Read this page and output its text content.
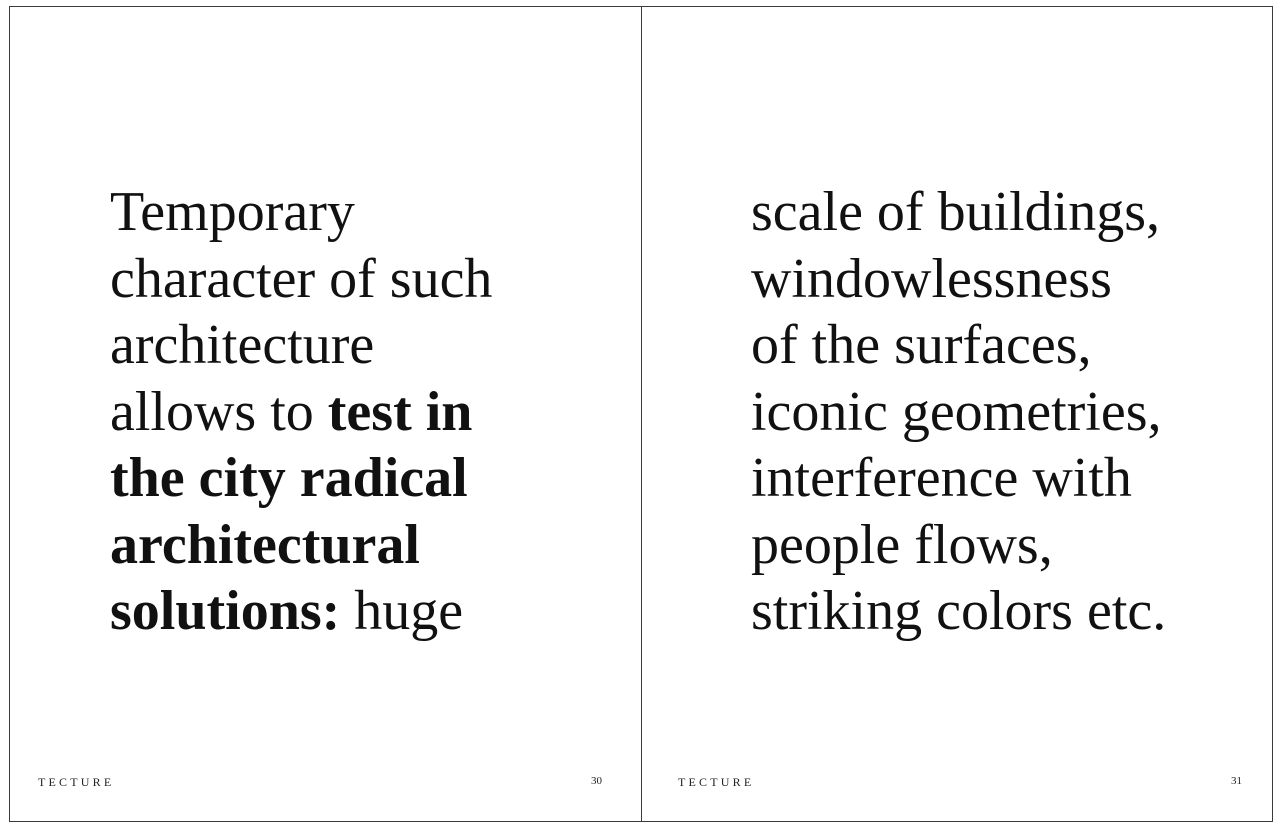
Temporary
character of such
architecture
allows to test in
the city radical
architectural
solutions: huge

TECTURE	30

scale of buildings,
windowlessness
of the surfaces,
iconic geometries,
interference with
people flows,
striking colors etc.

TECTURE	31
